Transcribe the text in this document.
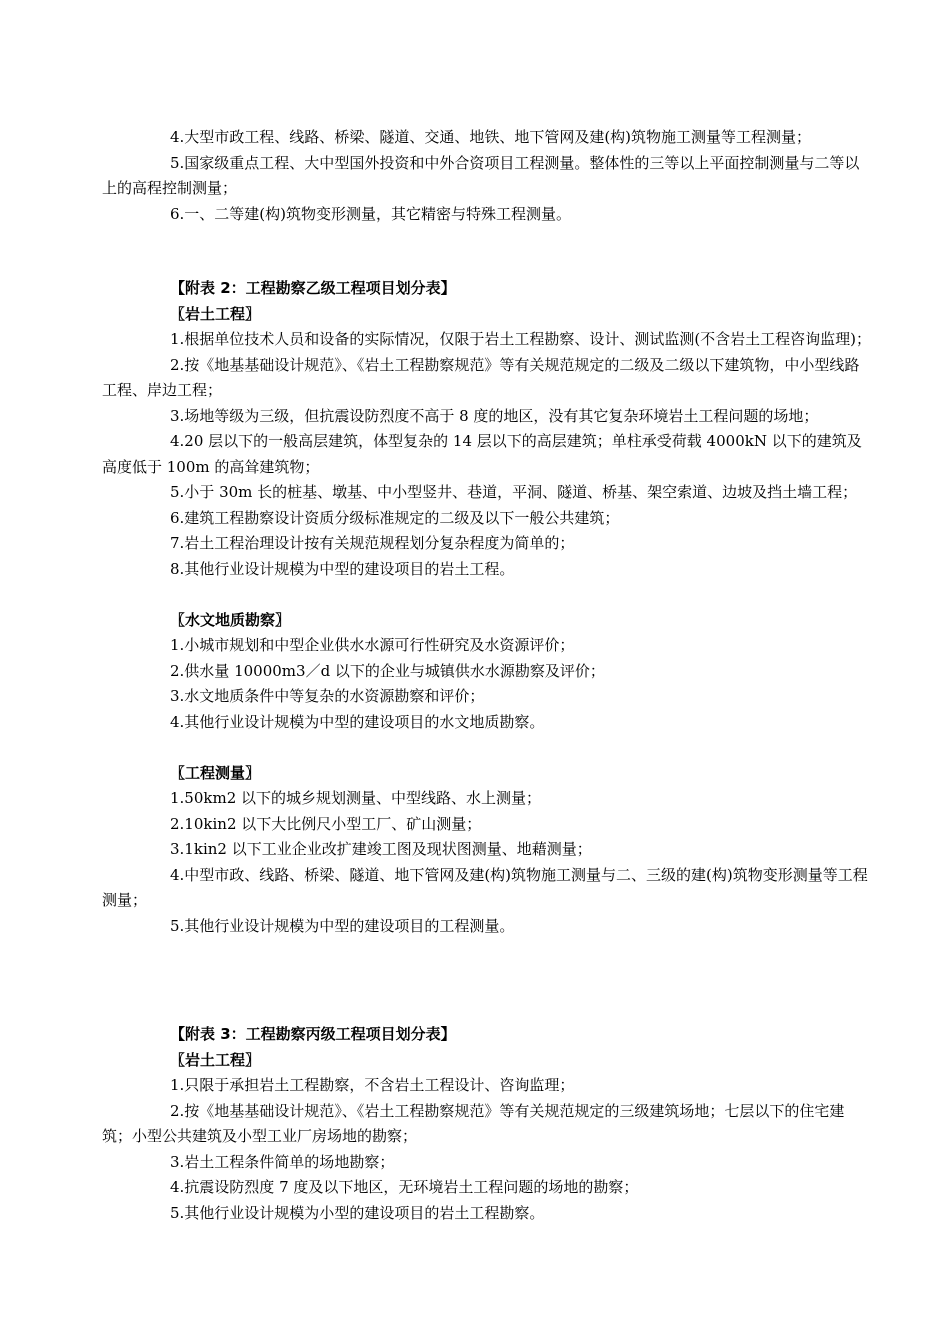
4.大型市政工程、线路、桥梁、隧道、交通、地铁、地下管网及建(构)筑物施工测量等工程测量；

5.国家级重点工程、大中型国外投资和中外合资项目工程测量。整体性的三等以上平面控制测量与二等以上的高程控制测量；

6.一、二等建(构)筑物变形测量，其它精密与特殊工程测量。

【附表 2：工程勘察乙级工程项目划分表】

〖岩土工程〗

1.根据单位技术人员和设备的实际情况，仅限于岩土工程勘察、设计、测试监测(不含岩土工程咨询监理)；

2.按《地基基础设计规范》、《岩土工程勘察规范》等有关规范规定的二级及二级以下建筑物，中小型线路工程、岸边工程；

3.场地等级为三级，但抗震设防烈度不高于 8 度的地区，没有其它复杂环境岩土工程问题的场地；

4.20 层以下的一般高层建筑，体型复杂的 14 层以下的高层建筑；单柱承受荷载 4000kN 以下的建筑及高度低于 100m 的高耸建筑物；

5.小于 30m 长的桩基、墩基、中小型竖井、巷道，平洞、隧道、桥基、架空索道、边坡及挡土墙工程；

6.建筑工程勘察设计资质分级标准规定的二级及以下一般公共建筑；

7.岩土工程治理设计按有关规范规程划分复杂程度为简单的；

8.其他行业设计规模为中型的建设项目的岩土工程。

〖水文地质勘察〗

1.小城市规划和中型企业供水水源可行性研究及水资源评价；

2.供水量 10000m3／d 以下的企业与城镇供水水源勘察及评价；

3.水文地质条件中等复杂的水资源勘察和评价；

4.其他行业设计规模为中型的建设项目的水文地质勘察。

〖工程测量〗

1.50km2 以下的城乡规划测量、中型线路、水上测量；

2.10kin2 以下大比例尺小型工厂、矿山测量；

3.1kin2 以下工业企业改扩建竣工图及现状图测量、地藉测量；

4.中型市政、线路、桥梁、隧道、地下管网及建(构)筑物施工测量与二、三级的建(构)筑物变形测量等工程测量；

5.其他行业设计规模为中型的建设项目的工程测量。

【附表 3：工程勘察丙级工程项目划分表】

〖岩土工程〗

1.只限于承担岩土工程勘察，不含岩土工程设计、咨询监理；

2.按《地基基础设计规范》、《岩土工程勘察规范》等有关规范规定的三级建筑场地；七层以下的住宅建筑；小型公共建筑及小型工业厂房场地的勘察；

3.岩土工程条件简单的场地勘察；

4.抗震设防烈度 7 度及以下地区，无环境岩土工程问题的场地的勘察；

5.其他行业设计规模为小型的建设项目的岩土工程勘察。
